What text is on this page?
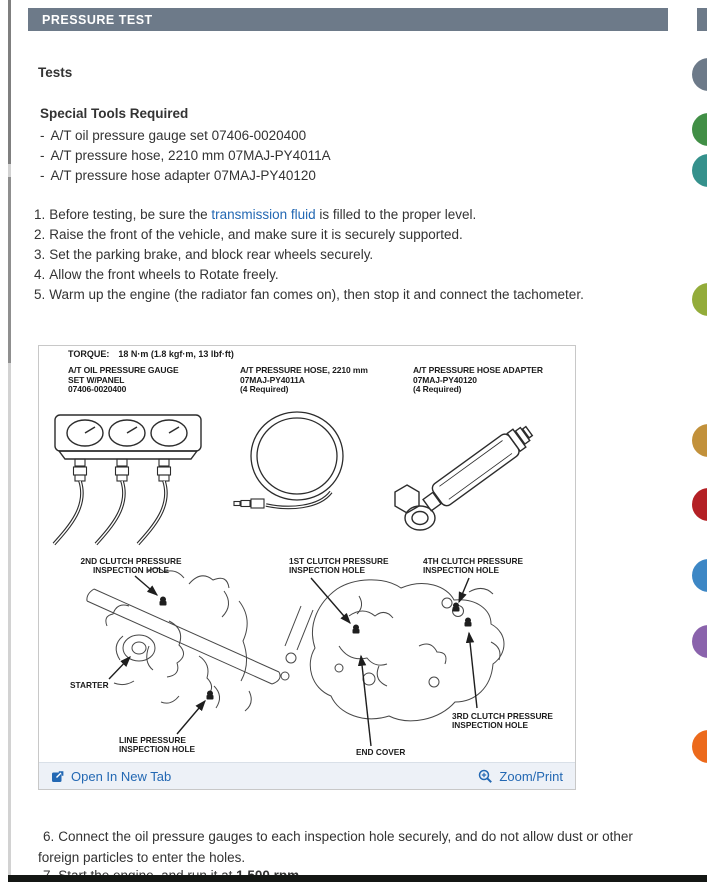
PRESSURE TEST
Tests
Special Tools Required

- A/T oil pressure gauge set 07406-0020400

- A/T pressure hose, 2210 mm 07MAJ-PY4011A

- A/T pressure hose adapter 07MAJ-PY40120

1. Before testing, be sure the transmission fluid is filled to the proper level.

2. Raise the front of the vehicle, and make sure it is securely supported.

3. Set the parking brake, and block rear wheels securely.

4. Allow the front wheels to Rotate freely.

5. Warm up the engine (the radiator fan comes on), then stop it and connect the tachometer.

TORQUE: 18 N·m (1.8 kgf·m, 13 lbf·ft)
A/T OIL PRESSURE GAUGE
SET W/PANEL
07406-0020400
A/T PRESSURE HOSE, 2210 mm
07MAJ-PY4011A
(4 Required)
A/T PRESSURE HOSE ADAPTER
07MAJ-PY40120
(4 Required)
2ND CLUTCH PRESSURE
INSPECTION HOLE
STARTER
LINE PRESSURE
INSPECTION HOLE
1ST CLUTCH PRESSURE
INSPECTION HOLE
4TH CLUTCH PRESSURE
INSPECTION HOLE
3RD CLUTCH PRESSURE
INSPECTION HOLE
END COVER
Open In New Tab	Zoom/Print

6. Connect the oil pressure gauges to each inspection hole securely, and do not allow dust or other foreign particles to enter the holes.
